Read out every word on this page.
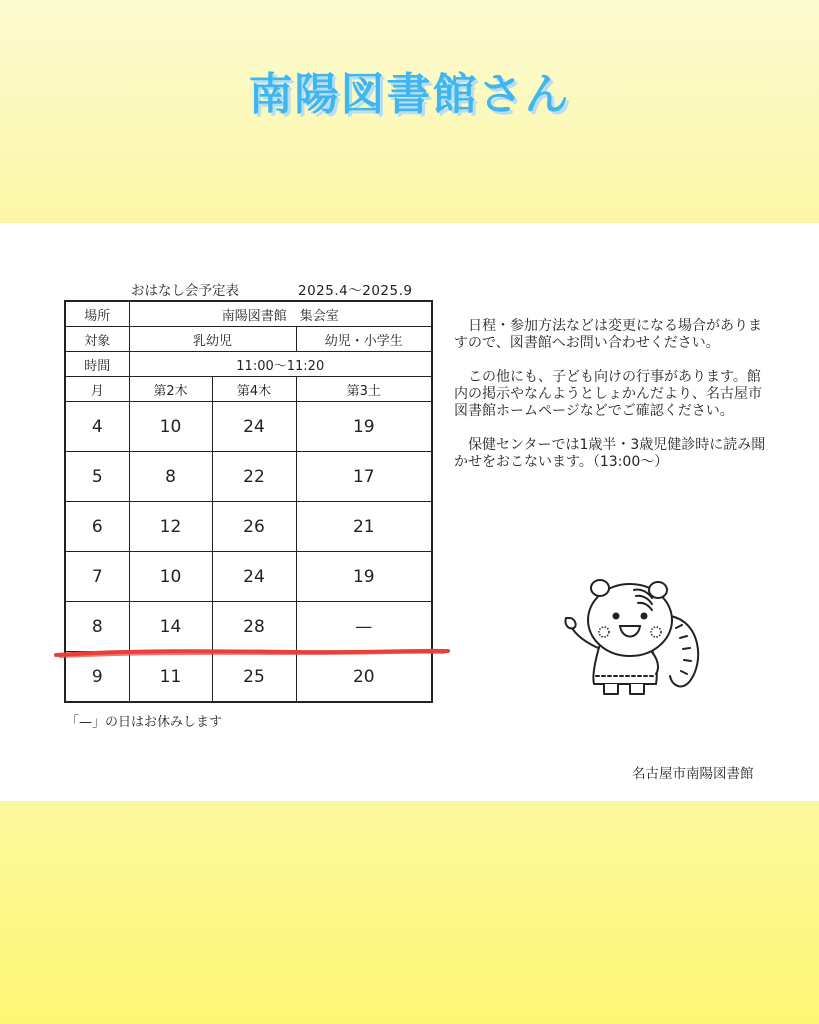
南陽図書館さん
おはなし会予定表	2025.4～2025.9
場所	南陽図書館　集会室		
対象	乳幼児		幼児・小学生
時間	11:00～11:20		
月	第2木	第4木	第3土
4	10	24	19
5	8	22	17
6	12	26	21
7	10	24	19
8	14	28	—
9	11	25	20
「—」の日はお休みします

日程・参加方法などは変更になる場合がありますので、図書館へお問い合わせください。

この他にも、子ども向けの行事があります。館内の掲示やなんようとしょかんだより、名古屋市図書館ホームページなどでご確認ください。

保健センターでは1歳半・3歳児健診時に読み聞かせをおこないます。（13:00～）

名古屋市南陽図書館
